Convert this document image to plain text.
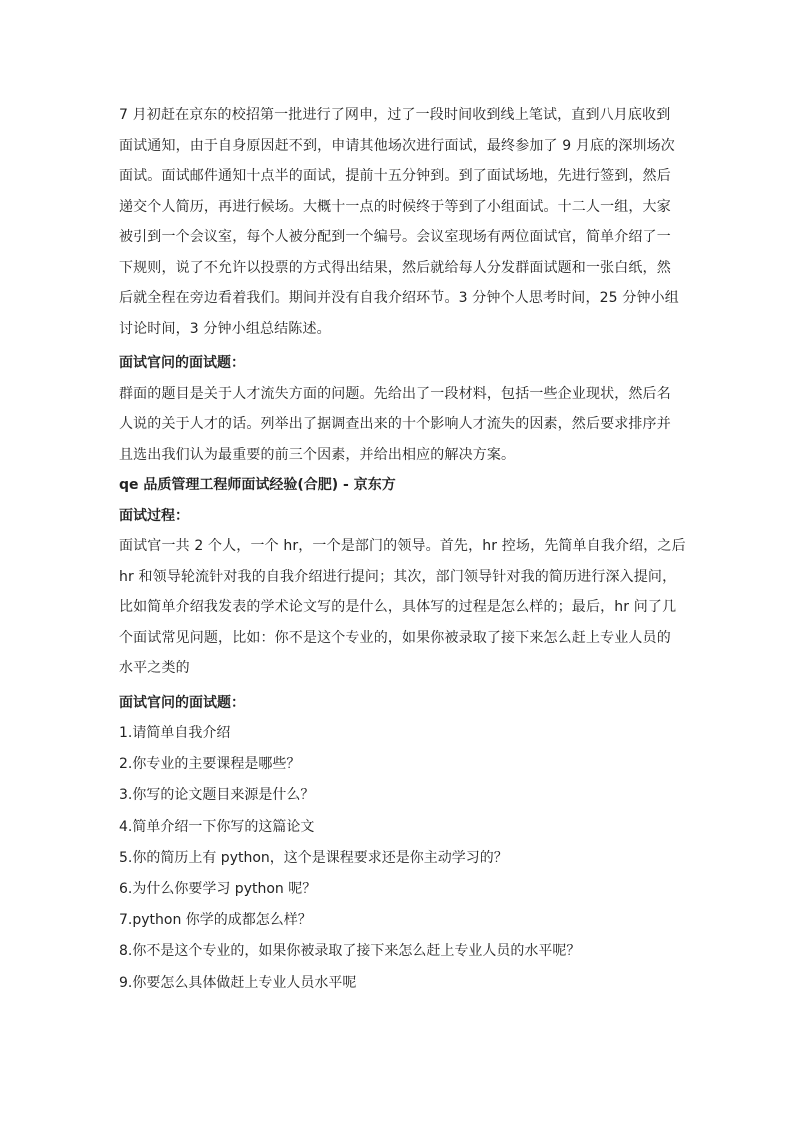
7 月初赶在京东的校招第一批进行了网申，过了一段时间收到线上笔试，直到八月底收到
面试通知，由于自身原因赶不到，申请其他场次进行面试，最终参加了 9 月底的深圳场次
面试。面试邮件通知十点半的面试，提前十五分钟到。到了面试场地，先进行签到，然后
递交个人简历，再进行候场。大概十一点的时候终于等到了小组面试。十二人一组，大家
被引到一个会议室，每个人被分配到一个编号。会议室现场有两位面试官，简单介绍了一
下规则，说了不允许以投票的方式得出结果，然后就给每人分发群面试题和一张白纸，然
后就全程在旁边看着我们。期间并没有自我介绍环节。3 分钟个人思考时间，25 分钟小组
讨论时间，3 分钟小组总结陈述。

面试官问的面试题：

群面的题目是关于人才流失方面的问题。先给出了一段材料，包括一些企业现状，然后名
人说的关于人才的话。列举出了据调查出来的十个影响人才流失的因素，然后要求排序并
且选出我们认为最重要的前三个因素，并给出相应的解决方案。

qe 品质管理工程师面试经验(合肥) - 京东方

面试过程：

面试官一共 2 个人，一个 hr，一个是部门的领导。首先，hr 控场，先简单自我介绍，之后
hr 和领导轮流针对我的自我介绍进行提问；其次，部门领导针对我的简历进行深入提问，
比如简单介绍我发表的学术论文写的是什么，具体写的过程是怎么样的；最后，hr 问了几
个面试常见问题，比如：你不是这个专业的，如果你被录取了接下来怎么赶上专业人员的
水平之类的

面试官问的面试题：

1.请简单自我介绍
2.你专业的主要课程是哪些？
3.你写的论文题目来源是什么？
4.简单介绍一下你写的这篇论文
5.你的简历上有 python，这个是课程要求还是你主动学习的？
6.为什么你要学习 python 呢？
7.python 你学的成都怎么样？
8.你不是这个专业的，如果你被录取了接下来怎么赶上专业人员的水平呢？
9.你要怎么具体做赶上专业人员水平呢
